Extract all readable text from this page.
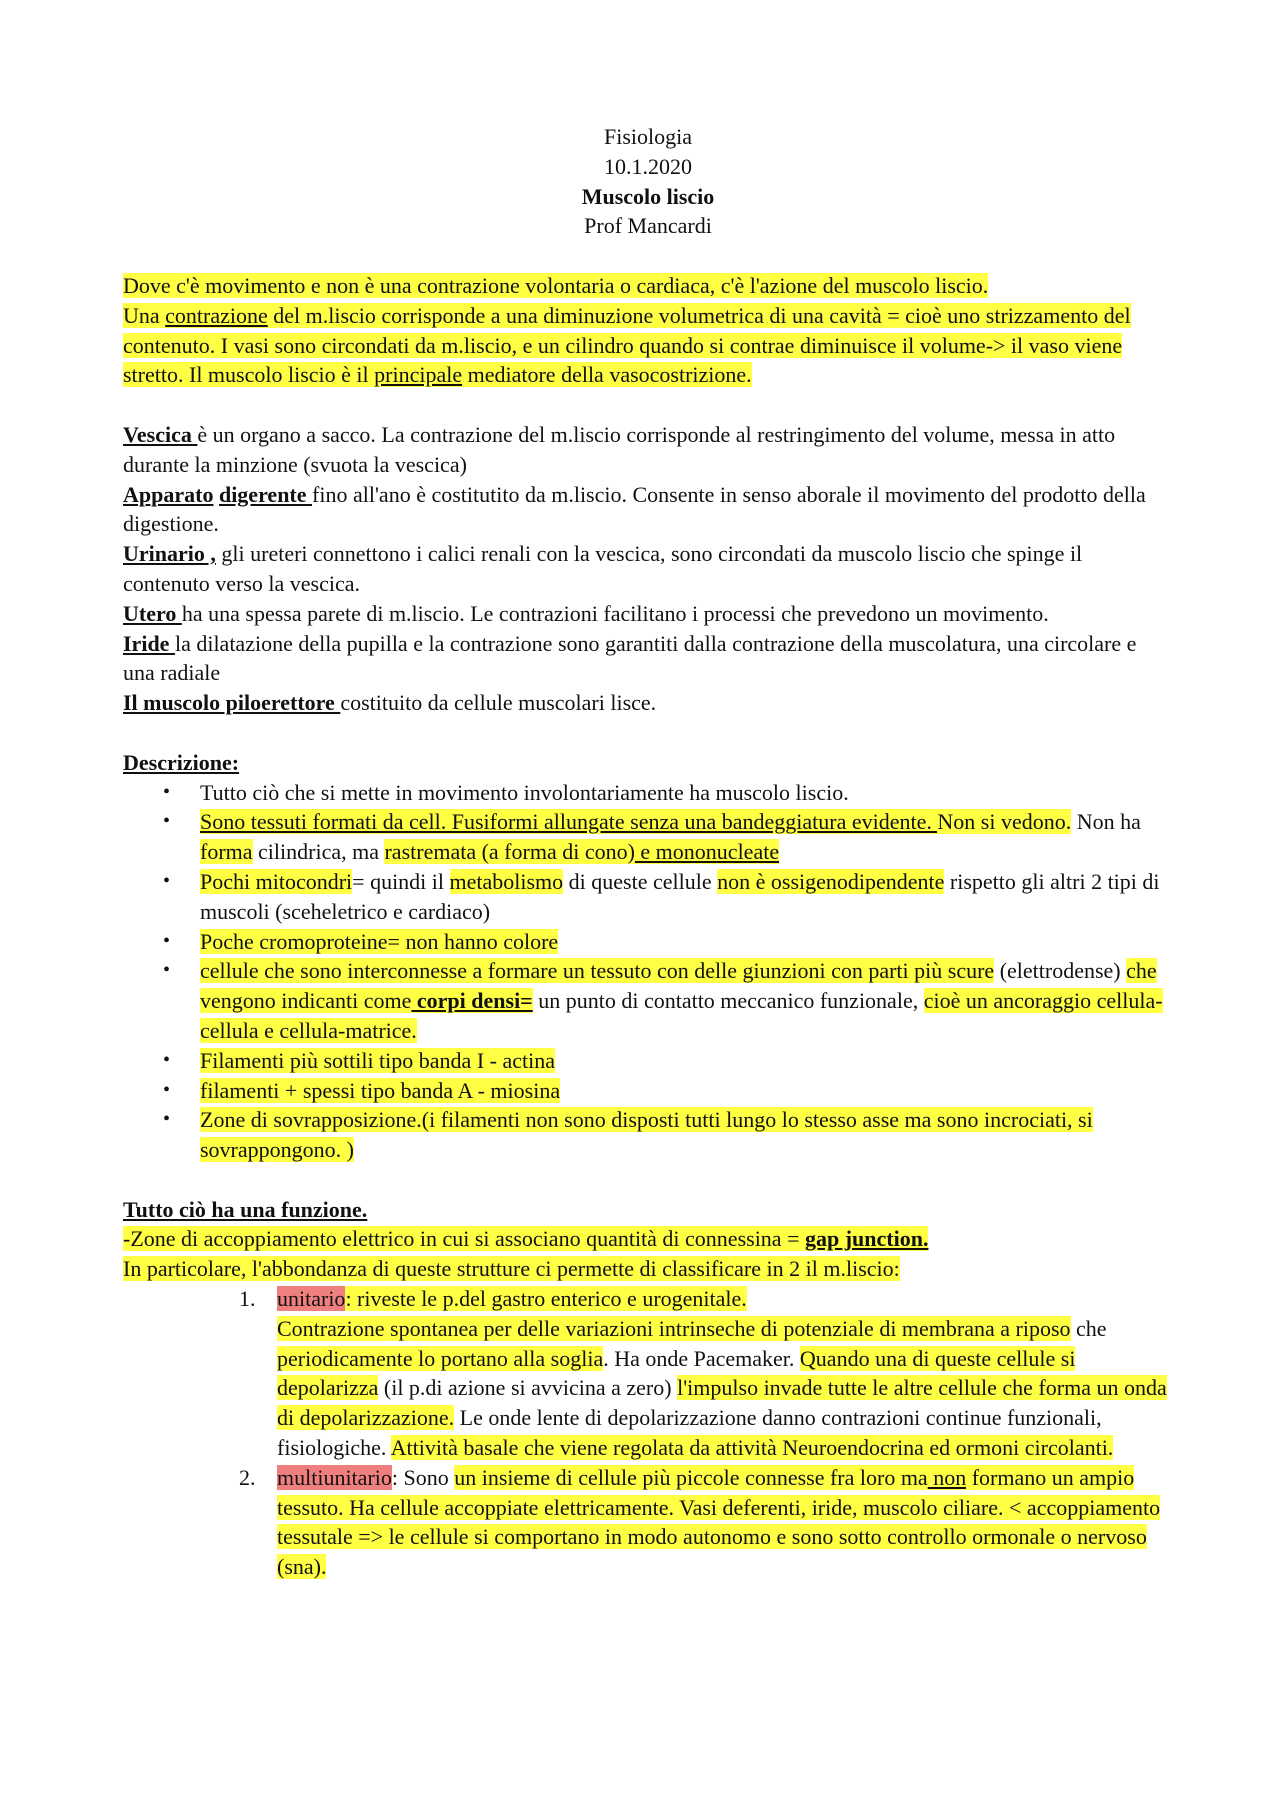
Fisiologia
10.1.2020
Muscolo liscio
Prof Mancardi

Dove c'è movimento e non è una contrazione volontaria o cardiaca, c'è l'azione del muscolo liscio.
Una contrazione del m.liscio corrisponde a una diminuzione volumetrica di una cavità = cioè uno strizzamento del contenuto. I vasi sono circondati da m.liscio, e un cilindro quando si contrae diminuisce il volume-> il vaso viene stretto. Il muscolo liscio è il principale mediatore della vasocostrizione.

Vescica è un organo a sacco. La contrazione del m.liscio corrisponde al restringimento del volume, messa in atto durante la minzione (svuota la vescica)

Apparato digerente fino all'ano è costitutito da m.liscio. Consente in senso aborale il movimento del prodotto della digestione.

Urinario , gli ureteri connettono i calici renali con la vescica, sono circondati da muscolo liscio che spinge il contenuto verso la vescica.

Utero ha una spessa parete di m.liscio. Le contrazioni facilitano i processi che prevedono un movimento.

Iride la dilatazione della pupilla e la contrazione sono garantiti dalla contrazione della muscolatura, una circolare e una radiale

Il muscolo piloerettore costituito da cellule muscolari lisce.

Descrizione:
• Tutto ciò che si mette in movimento involontariamente ha muscolo liscio.
• Sono tessuti formati da cell. Fusiformi allungate senza una bandeggiatura evidente. Non si vedono. Non ha forma cilindrica, ma rastremata (a forma di cono) e mononucleate
• Pochi mitocondri= quindi il metabolismo di queste cellule non è ossigenodipendente rispetto gli altri 2 tipi di muscoli (sceheletrico e cardiaco)
• Poche cromoproteine= non hanno colore
• cellule che sono interconnesse a formare un tessuto con delle giunzioni con parti più scure (elettrodense) che vengono indicanti come corpi densi= un punto di contatto meccanico funzionale, cioè un ancoraggio cellula-cellula e cellula-matrice.
• Filamenti più sottili tipo banda I - actina
• filamenti + spessi tipo banda A - miosina
• Zone di sovrapposizione.(i filamenti non sono disposti tutti lungo lo stesso asse ma sono incrociati, si sovrappongono. )
Tutto ciò ha una funzione.

-Zone di accoppiamento elettrico in cui si associano quantità di connessina = gap junction.

In particolare, l'abbondanza di queste strutture ci permette di classificare in 2 il m.liscio:

1. unitario: riveste le p.del gastro enterico e urogenitale.
Contrazione spontanea per delle variazioni intrinseche di potenziale di membrana a riposo che periodicamente lo portano alla soglia. Ha onde Pacemaker. Quando una di queste cellule si depolarizza (il p.di azione si avvicina a zero) l'impulso invade tutte le altre cellule che forma un onda di depolarizzazione. Le onde lente di depolarizzazione danno contrazioni continue funzionali, fisiologiche. Attività basale che viene regolata da attività Neuroendocrina ed ormoni circolanti.
2. multiunitario: Sono un insieme di cellule più piccole connesse fra loro ma non formano un ampio tessuto. Ha cellule accoppiate elettricamente. Vasi deferenti, iride, muscolo ciliare. < accoppiamento tessutale => le cellule si comportano in modo autonomo e sono sotto controllo ormonale o nervoso (sna).
